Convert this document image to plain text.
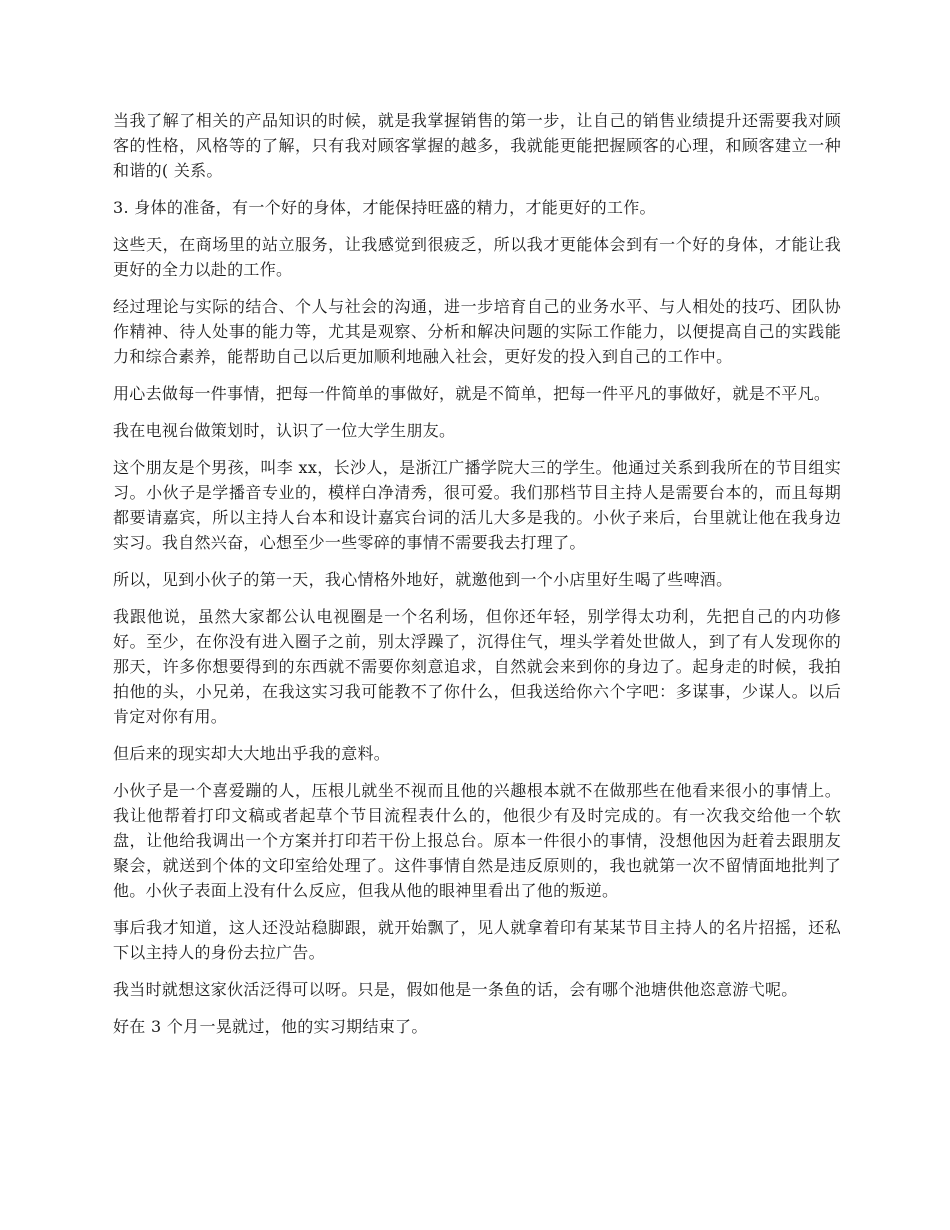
当我了解了相关的产品知识的时候，就是我掌握销售的第一步，让自己的销售业绩提升还需要我对顾客的性格，风格等的了解，只有我对顾客掌握的越多，我就能更能把握顾客的心理，和顾客建立一种和谐的( 关系。

3. 身体的准备，有一个好的身体，才能保持旺盛的精力，才能更好的工作。

这些天，在商场里的站立服务，让我感觉到很疲乏，所以我才更能体会到有一个好的身体，才能让我更好的全力以赴的工作。

经过理论与实际的结合、个人与社会的沟通，进一步培育自己的业务水平、与人相处的技巧、团队协作精神、待人处事的能力等，尤其是观察、分析和解决问题的实际工作能力，以便提高自己的实践能力和综合素养，能帮助自己以后更加顺利地融入社会，更好发的投入到自己的工作中。

用心去做每一件事情，把每一件简单的事做好，就是不简单，把每一件平凡的事做好，就是不平凡。

我在电视台做策划时，认识了一位大学生朋友。

这个朋友是个男孩，叫李 xx，长沙人，是浙江广播学院大三的学生。他通过关系到我所在的节目组实习。小伙子是学播音专业的，模样白净清秀，很可爱。我们那档节目主持人是需要台本的，而且每期都要请嘉宾，所以主持人台本和设计嘉宾台词的活儿大多是我的。小伙子来后，台里就让他在我身边实习。我自然兴奋，心想至少一些零碎的事情不需要我去打理了。

所以，见到小伙子的第一天，我心情格外地好，就邀他到一个小店里好生喝了些啤酒。

我跟他说，虽然大家都公认电视圈是一个名利场，但你还年轻，别学得太功利，先把自己的内功修好。至少，在你没有进入圈子之前，别太浮躁了，沉得住气，埋头学着处世做人，到了有人发现你的那天，许多你想要得到的东西就不需要你刻意追求，自然就会来到你的身边了。起身走的时候，我拍拍他的头，小兄弟，在我这实习我可能教不了你什么，但我送给你六个字吧：多谋事，少谋人。以后肯定对你有用。

但后来的现实却大大地出乎我的意料。

小伙子是一个喜爱蹦的人，压根儿就坐不视而且他的兴趣根本就不在做那些在他看来很小的事情上。我让他帮着打印文稿或者起草个节目流程表什么的，他很少有及时完成的。有一次我交给他一个软盘，让他给我调出一个方案并打印若干份上报总台。原本一件很小的事情，没想他因为赶着去跟朋友聚会，就送到个体的文印室给处理了。这件事情自然是违反原则的，我也就第一次不留情面地批判了他。小伙子表面上没有什么反应，但我从他的眼神里看出了他的叛逆。

事后我才知道，这人还没站稳脚跟，就开始飘了，见人就拿着印有某某节目主持人的名片招摇，还私下以主持人的身份去拉广告。

我当时就想这家伙活泛得可以呀。只是，假如他是一条鱼的话，会有哪个池塘供他恣意游弋呢。

好在 3 个月一晃就过，他的实习期结束了。
